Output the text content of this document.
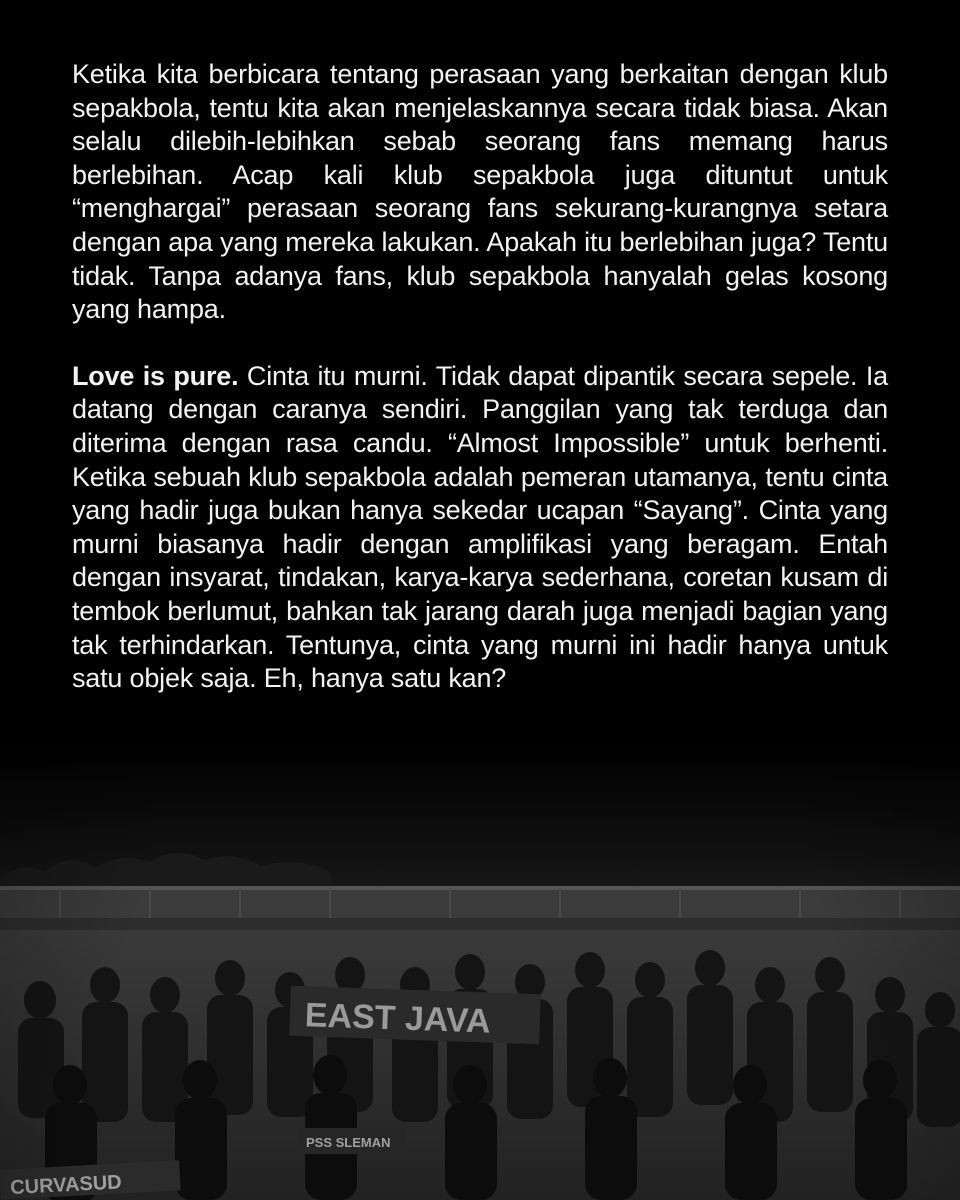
Ketika kita berbicara tentang perasaan yang berkaitan dengan klub sepakbola, tentu kita akan menjelaskannya secara tidak biasa. Akan selalu dilebih-lebihkan sebab seorang fans memang harus berlebihan. Acap kali klub sepakbola juga dituntut untuk “menghargai” perasaan seorang fans sekurang-kurangnya setara dengan apa yang mereka lakukan. Apakah itu berlebihan juga? Tentu tidak. Tanpa adanya fans, klub sepakbola hanyalah gelas kosong yang hampa.

Love is pure. Cinta itu murni. Tidak dapat dipantik secara sepele. Ia datang dengan caranya sendiri. Panggilan yang tak terduga dan diterima dengan rasa candu. “Almost Impossible” untuk berhenti. Ketika sebuah klub sepakbola adalah pemeran utamanya, tentu cinta yang hadir juga bukan hanya sekedar ucapan “Sayang”. Cinta yang murni biasanya hadir dengan amplifikasi yang beragam. Entah dengan insyarat, tindakan, karya-karya sederhana, coretan kusam di tembok berlumut, bahkan tak jarang darah juga menjadi bagian yang tak terhindarkan. Tentunya, cinta yang murni ini hadir hanya untuk satu objek saja. Eh, hanya satu kan?
